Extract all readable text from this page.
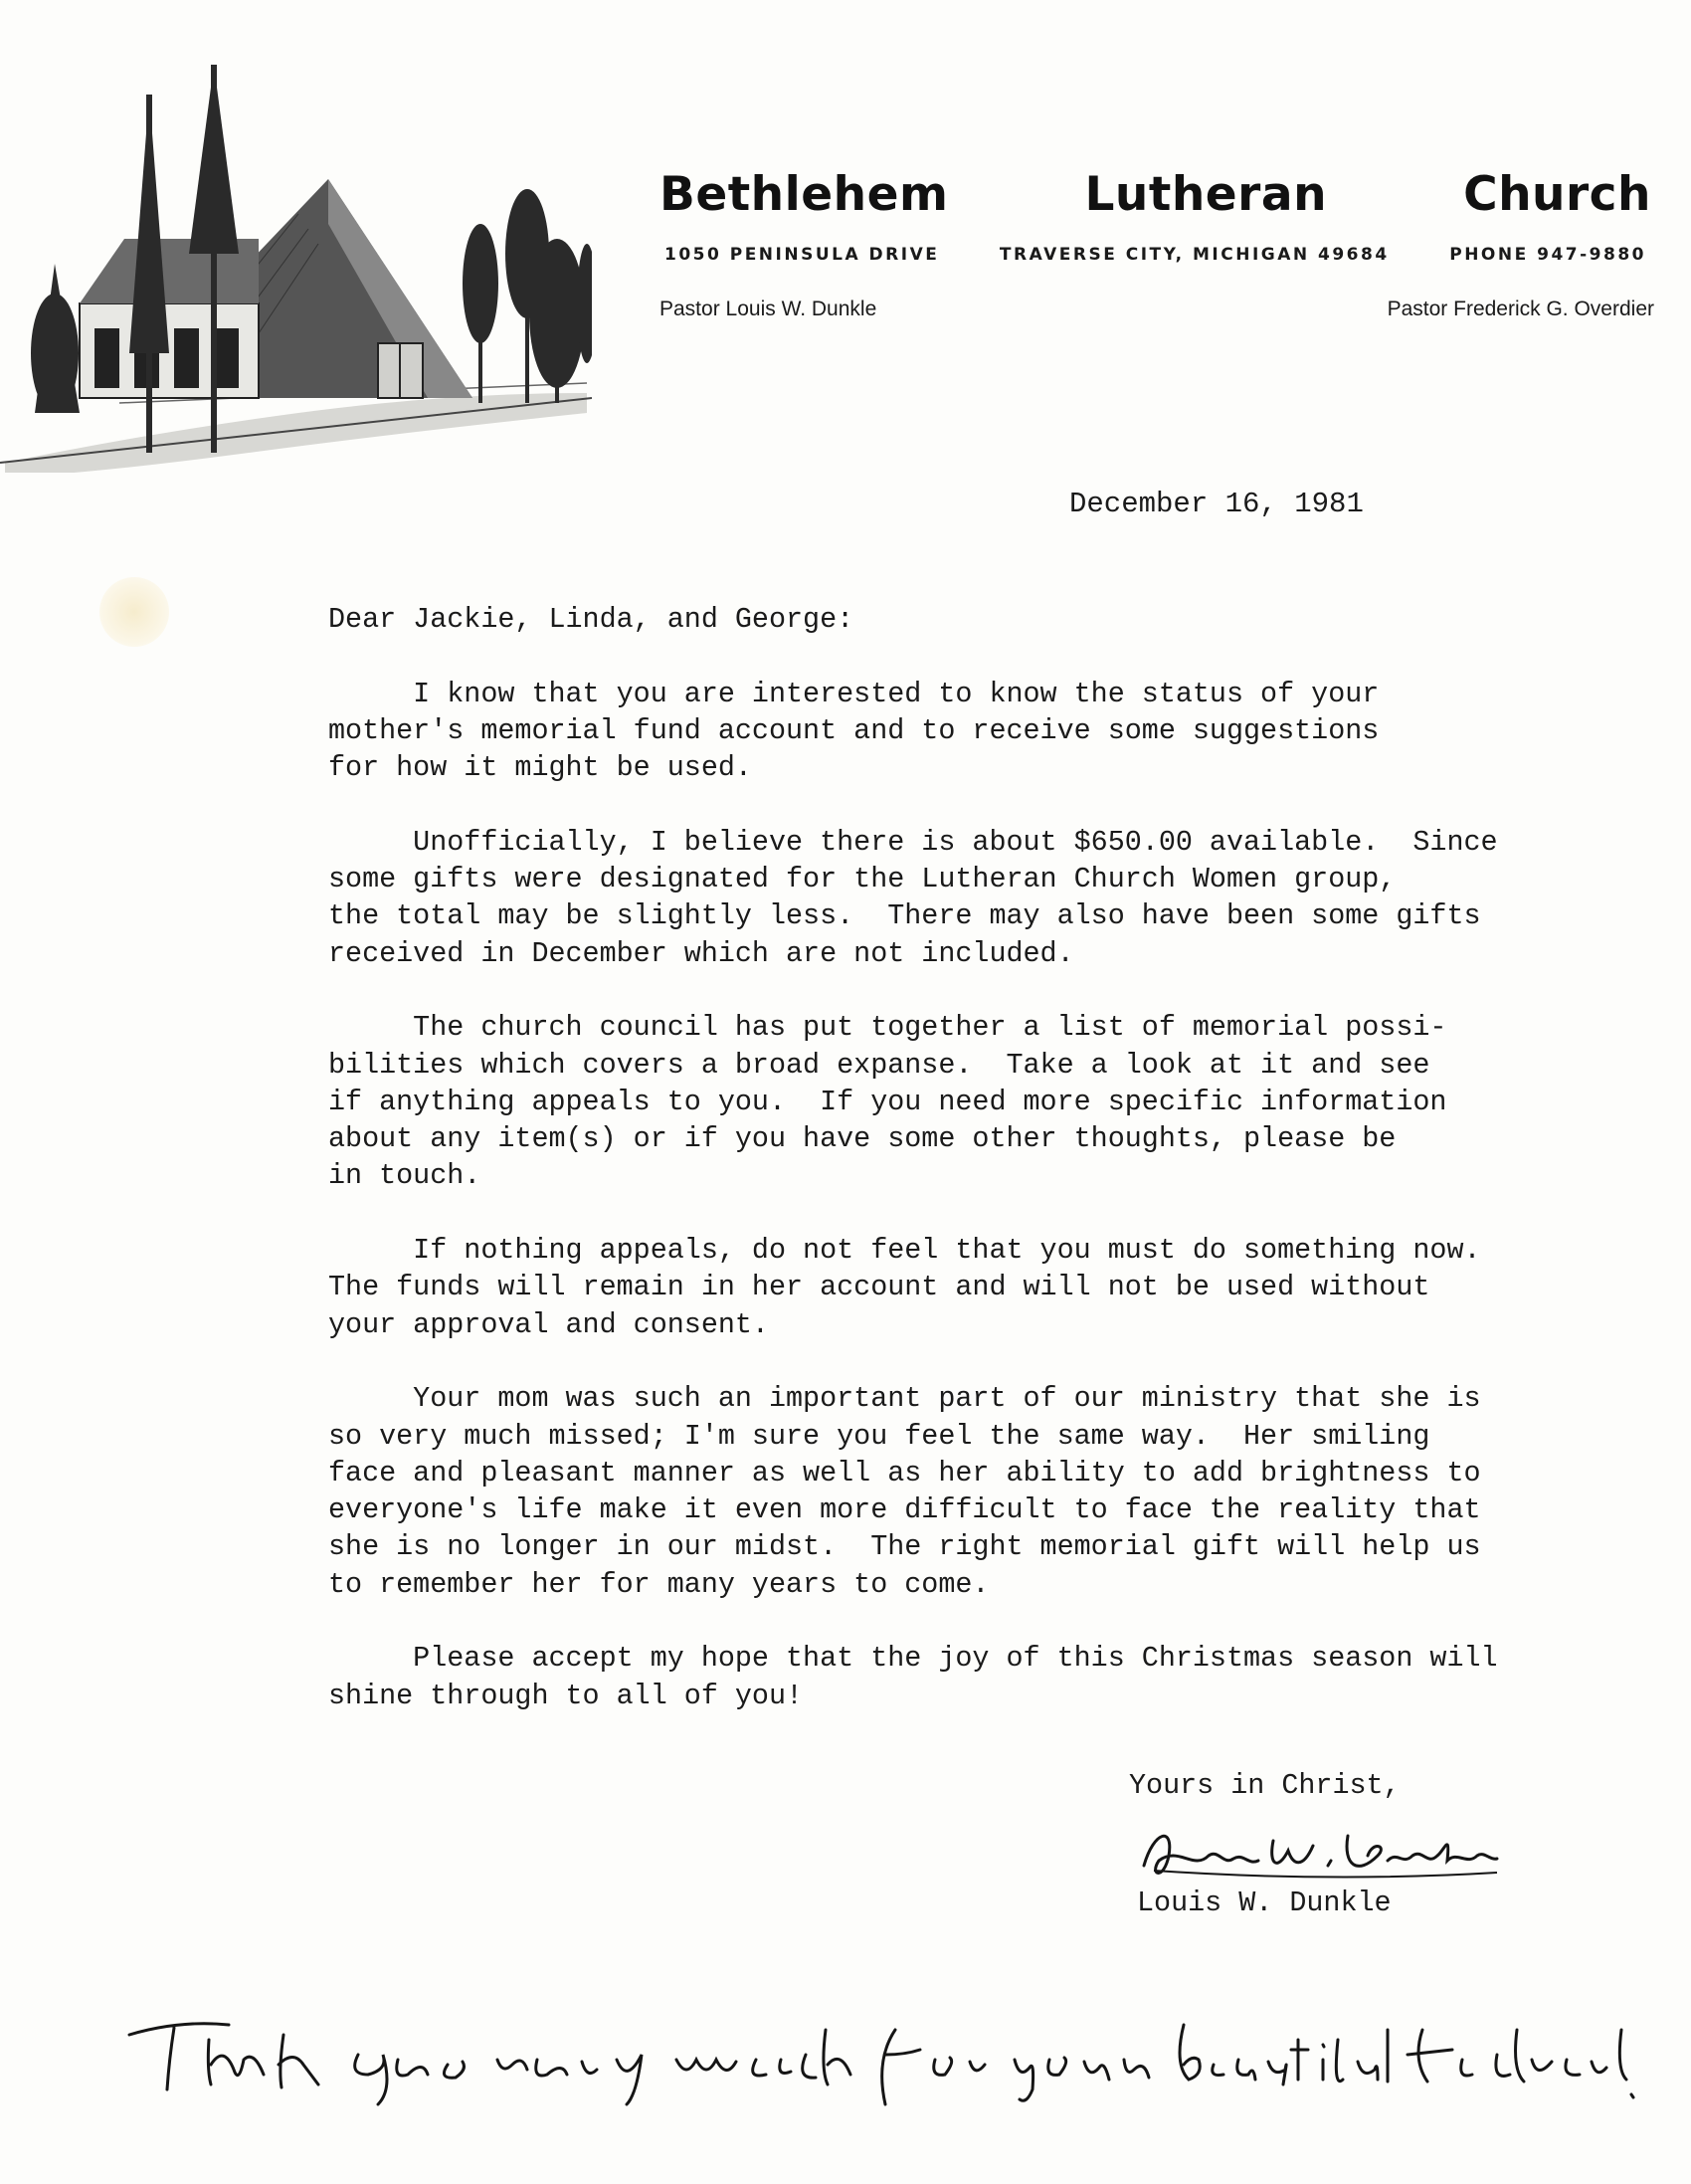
Bethlehem	Lutheran	Church
1050 PENINSULA DRIVE	TRAVERSE CITY, MICHIGAN 49684	PHONE 947-9880
Pastor Louis W. Dunkle	Pastor Frederick G. Overdier
December 16, 1981

Dear Jackie, Linda, and George:

I know that you are interested to know the status of your
mother's memorial fund account and to receive some suggestions
for how it might be used.

Unofficially, I believe there is about $650.00 available.  Since
some gifts were designated for the Lutheran Church Women group,
the total may be slightly less.  There may also have been some gifts
received in December which are not included.

The church council has put together a list of memorial possi-
bilities which covers a broad expanse.  Take a look at it and see
if anything appeals to you.  If you need more specific information
about any item(s) or if you have some other thoughts, please be
in touch.

If nothing appeals, do not feel that you must do something now.
The funds will remain in her account and will not be used without
your approval and consent.

Your mom was such an important part of our ministry that she is
so very much missed; I'm sure you feel the same way.  Her smiling
face and pleasant manner as well as her ability to add brightness to
everyone's life make it even more difficult to face the reality that
she is no longer in our midst.  The right memorial gift will help us
to remember her for many years to come.

Please accept my hope that the joy of this Christmas season will
shine through to all of you!

Yours in Christ,
Louis W. Dunkle
